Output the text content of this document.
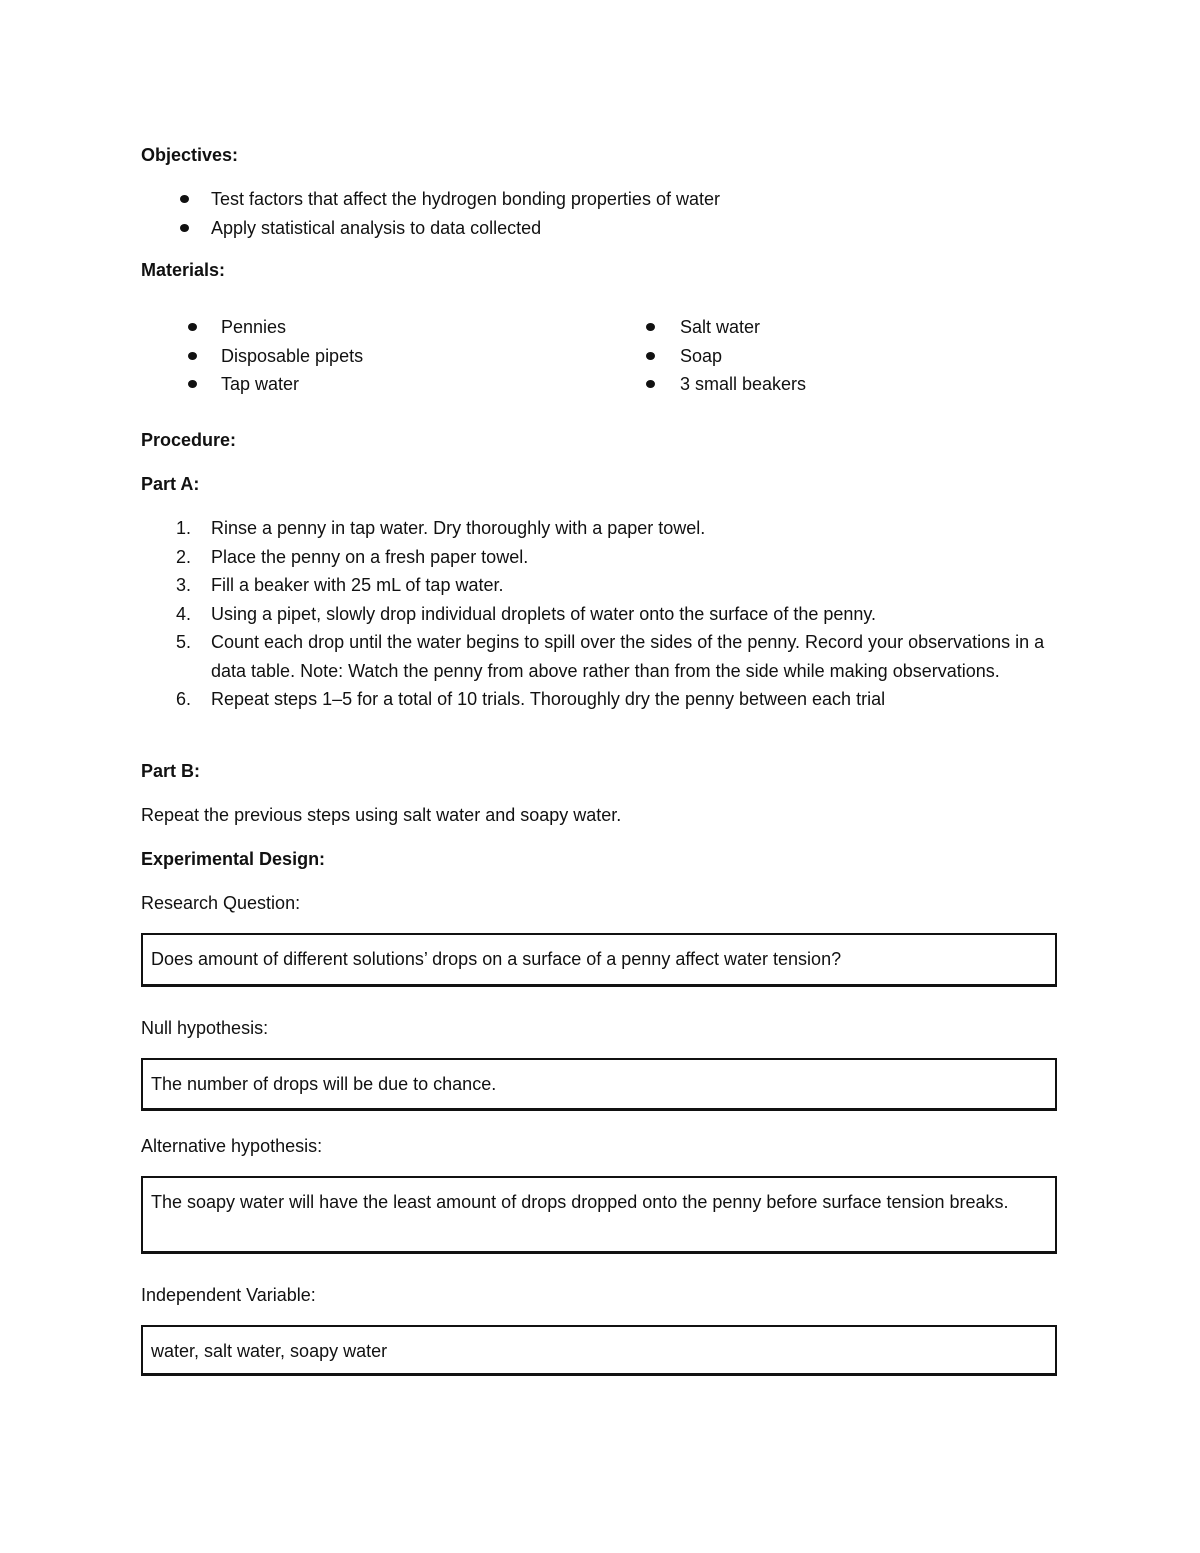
Objectives:
Test factors that affect the hydrogen bonding properties of water
Apply statistical analysis to data collected
Materials:
Pennies
Disposable pipets
Tap water
Salt water
Soap
3 small beakers
Procedure:
Part A:
1. Rinse a penny in tap water. Dry thoroughly with a paper towel.
2. Place the penny on a fresh paper towel.
3. Fill a beaker with 25 mL of tap water.
4. Using a pipet, slowly drop individual droplets of water onto the surface of the penny.
5. Count each drop until the water begins to spill over the sides of the penny. Record your observations in a data table. Note: Watch the penny from above rather than from the side while making observations.
6. Repeat steps 1–5 for a total of 10 trials. Thoroughly dry the penny between each trial
Part B:
Repeat the previous steps using salt water and soapy water.
Experimental Design:
Research Question:
Does amount of different solutions’ drops on a surface of a penny affect water tension?
Null hypothesis:
The number of drops will be due to chance.
Alternative hypothesis:
The soapy water will have the least amount of drops dropped onto the penny before surface tension breaks.
Independent Variable:
water, salt water, soapy water
